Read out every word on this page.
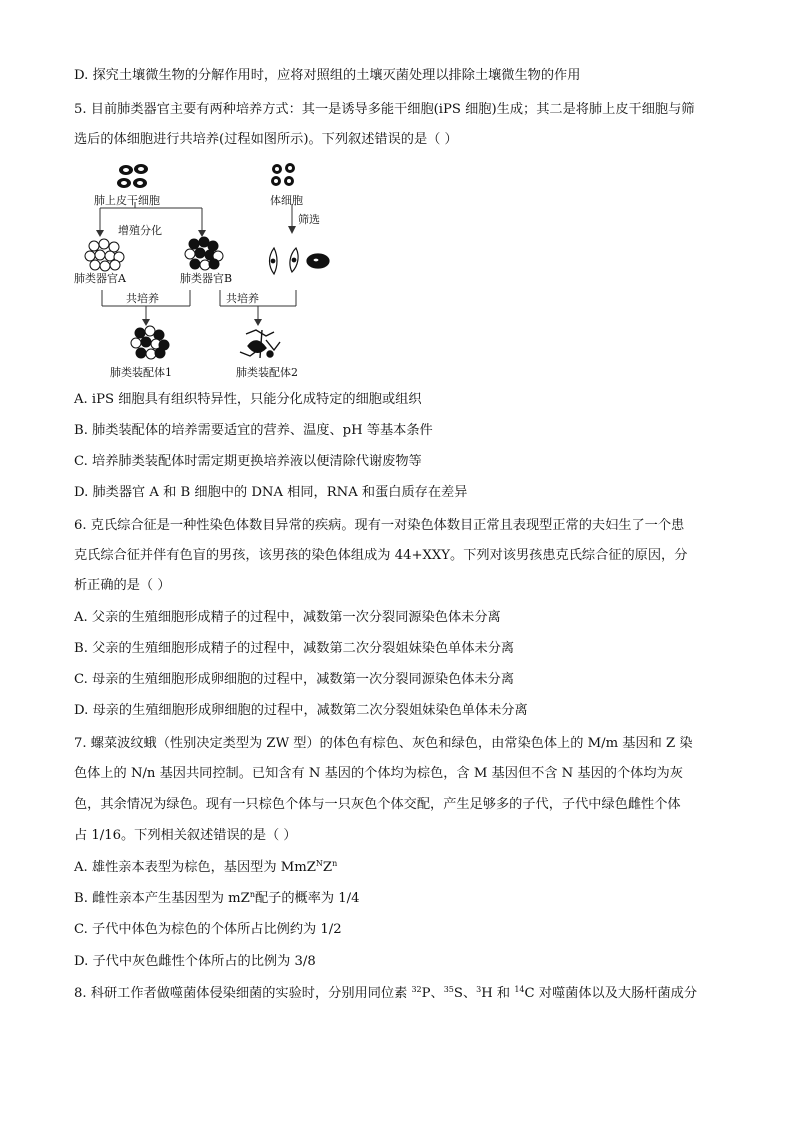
D. 探究土壤微生物的分解作用时，应将对照组的土壤灭菌处理以排除土壤微生物的作用
5. 目前肺类器官主要有两种培养方式：其一是诱导多能干细胞(iPS 细胞)生成；其二是将肺上皮干细胞与筛
选后的体细胞进行共培养(过程如图所示)。下列叙述错误的是（ ）
肺上皮干细胞	体细胞
增殖分化
筛选
肺类器官A	肺类器官B
共培养	共培养
肺类装配体1	肺类装配体2
A. iPS 细胞具有组织特异性，只能分化成特定的细胞或组织
B. 肺类装配体的培养需要适宜的营养、温度、pH 等基本条件
C. 培养肺类装配体时需定期更换培养液以便清除代谢废物等
D. 肺类器官 A 和 B 细胞中的 DNA 相同，RNA 和蛋白质存在差异
6. 克氏综合征是一种性染色体数目异常的疾病。现有一对染色体数目正常且表现型正常的夫妇生了一个患
克氏综合征并伴有色盲的男孩，该男孩的染色体组成为 44+XXY。下列对该男孩患克氏综合征的原因，分
析正确的是（ ）
A. 父亲的生殖细胞形成精子的过程中，减数第一次分裂同源染色体未分离
B. 父亲的生殖细胞形成精子的过程中，减数第二次分裂姐妹染色单体未分离
C. 母亲的生殖细胞形成卵细胞的过程中，减数第一次分裂同源染色体未分离
D. 母亲的生殖细胞形成卵细胞的过程中，减数第二次分裂姐妹染色单体未分离
7. 螺菜波纹蛾（性别决定类型为 ZW 型）的体色有棕色、灰色和绿色，由常染色体上的 M/m 基因和 Z 染
色体上的 N/n 基因共同控制。已知含有 N 基因的个体均为棕色，含 M 基因但不含 N 基因的个体均为灰
色，其余情况为绿色。现有一只棕色个体与一只灰色个体交配，产生足够多的子代，子代中绿色雌性个体
占 1/16。下列相关叙述错误的是（ ）
A. 雄性亲本表型为棕色，基因型为 $MmZ^NZ^n$
B. 雌性亲本产生基因型为 $mZ^n$配子的概率为 1/4
C. 子代中体色为棕色的个体所占比例约为 1/2
D. 子代中灰色雌性个体所占的比例为 3/8
8. 科研工作者做噬菌体侵染细菌的实验时，分别用同位素 $^{32}$P、$^{35}$S、$^3$H 和 $^{14}$C 对噬菌体以及大肠杆菌成分
